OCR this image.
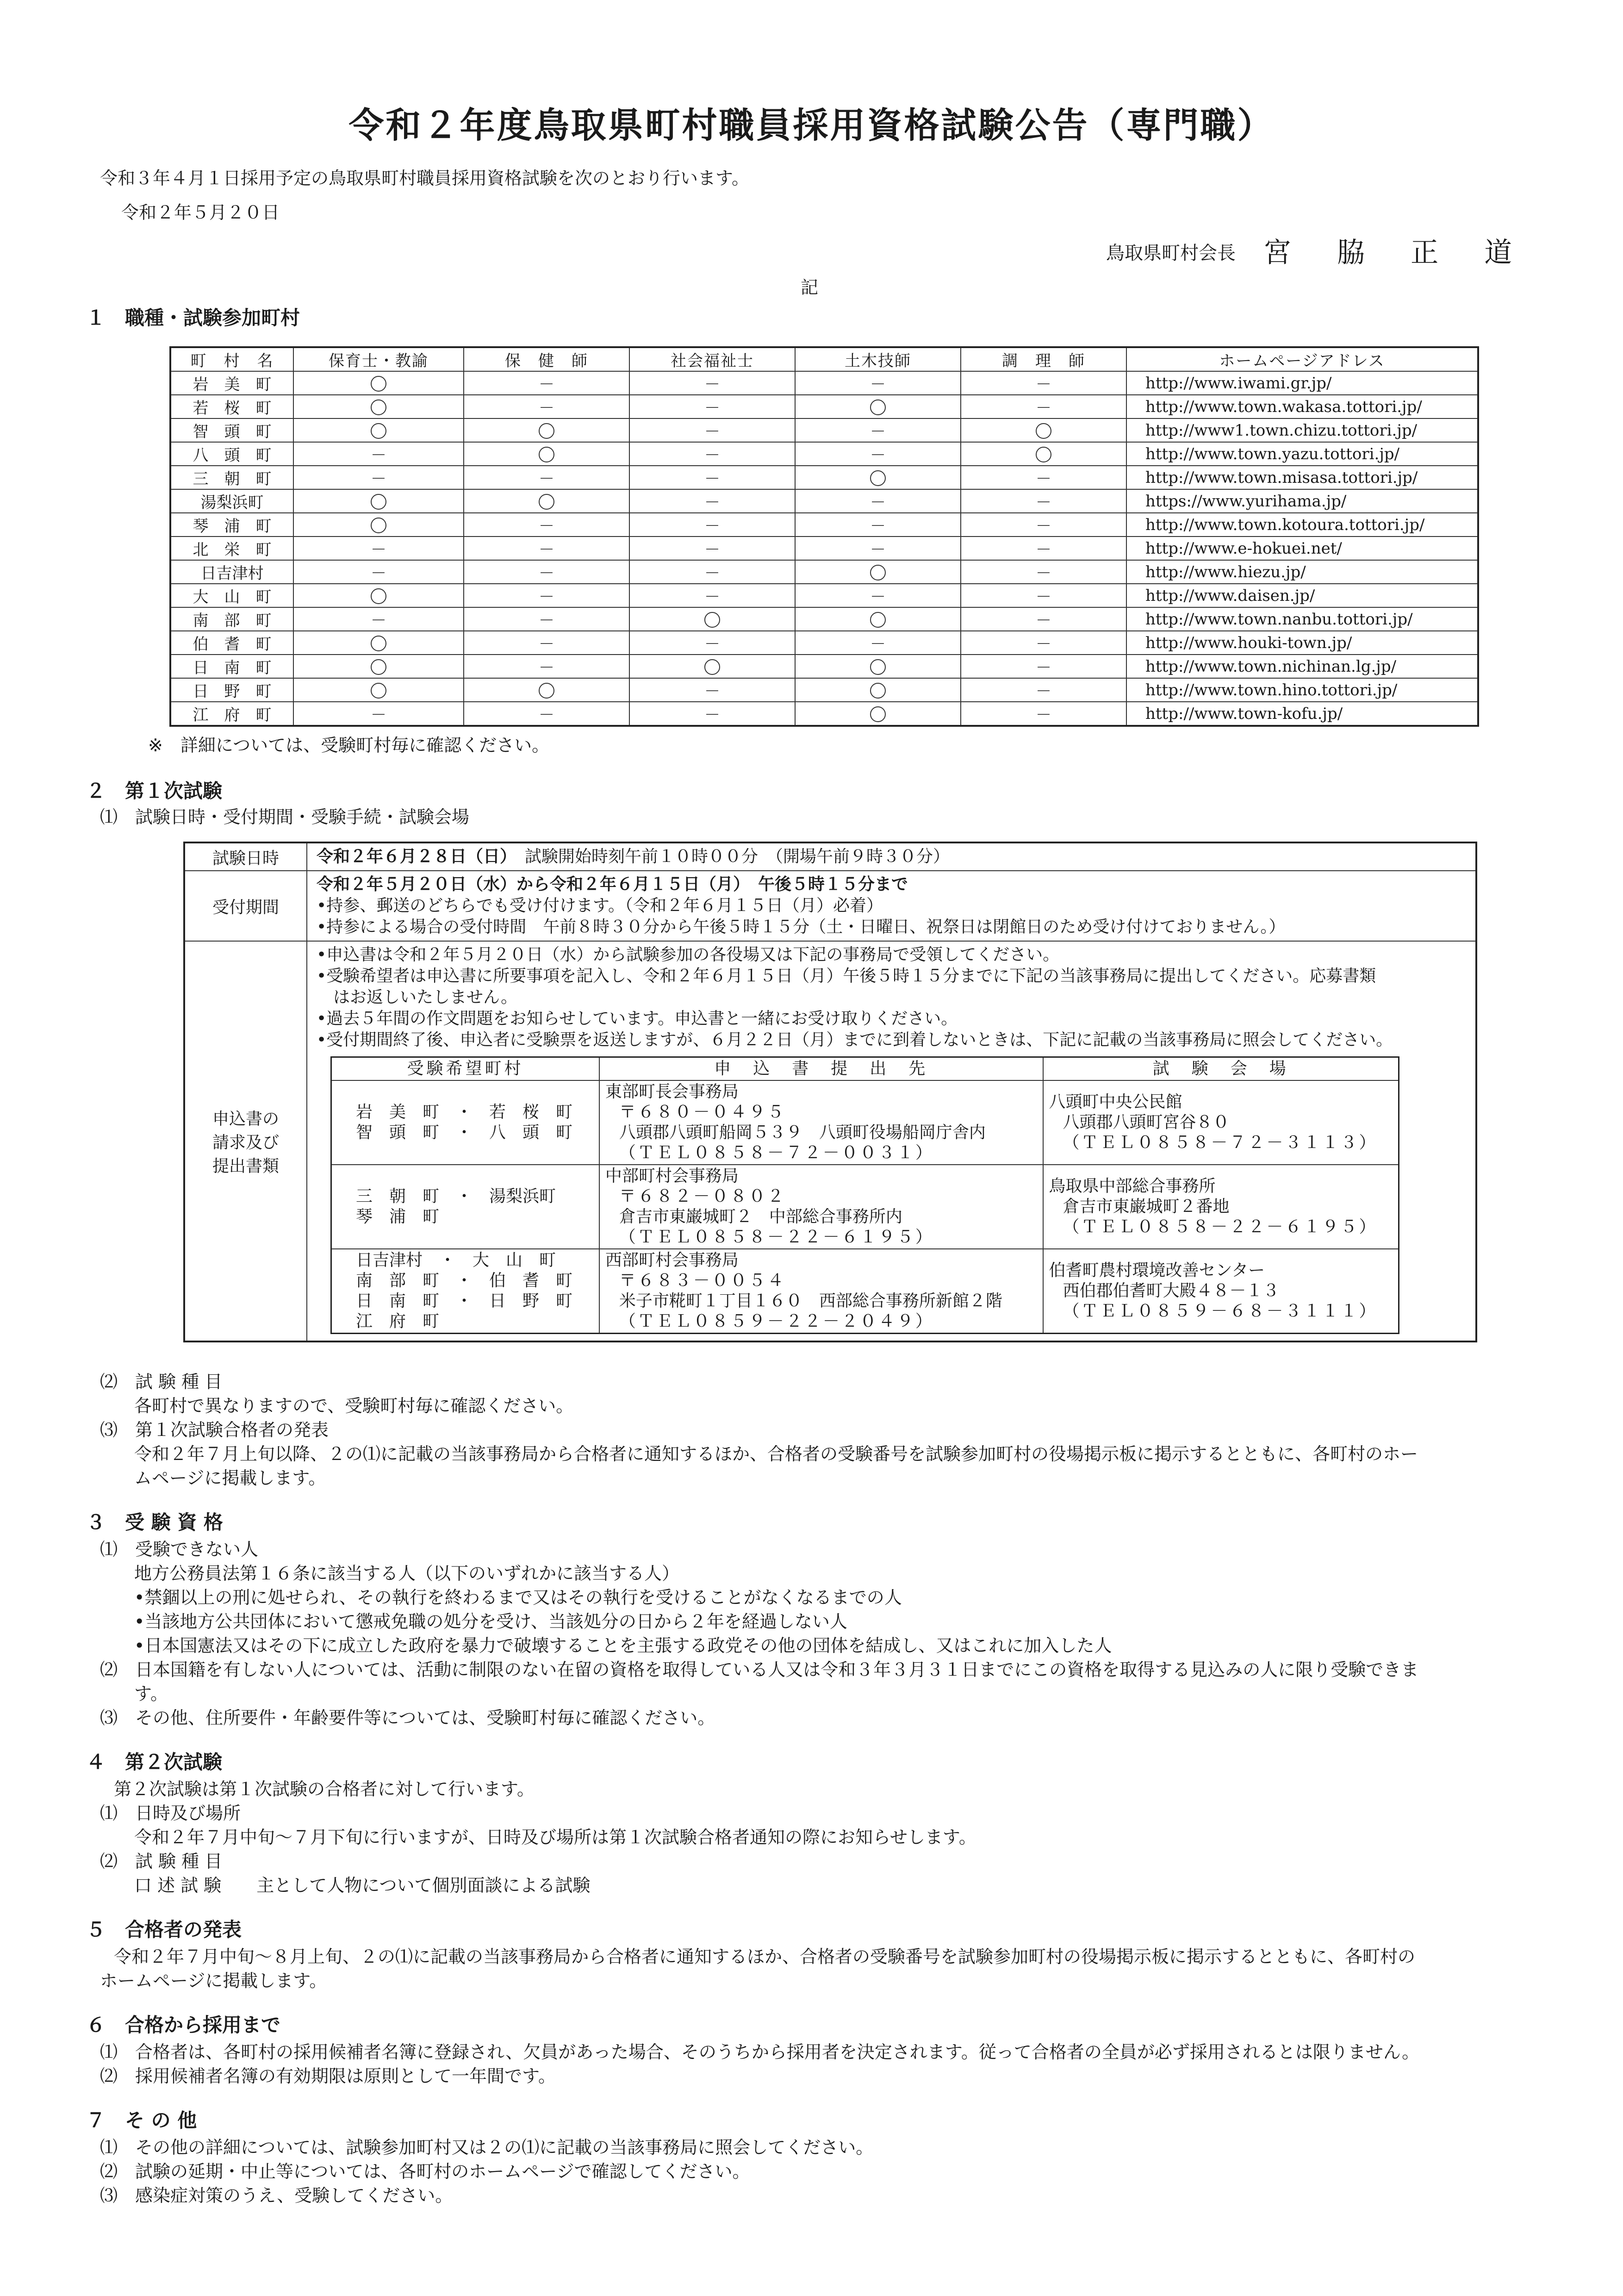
令和２年度鳥取県町村職員採用資格試験公告（専門職）
令和３年４月１日採用予定の鳥取県町村職員採用資格試験を次のとおり行います。
令和２年５月２０日
鳥取県町村会長 宮 脇 正 道
記
１　職種・試験参加町村
町　村　名	保育士・教諭	保　健　師	社会福祉士	土木技師	調　理　師	ホームページアドレス
岩　美　町		－	－	－	－	http://www.iwami.gr.jp/
若　桜　町		－	－		－	http://www.town.wakasa.tottori.jp/
智　頭　町			－	－		http://www1.town.chizu.tottori.jp/
八　頭　町	－		－	－		http://www.town.yazu.tottori.jp/
三　朝　町	－	－	－		－	http://www.town.misasa.tottori.jp/
湯梨浜町			－	－	－	https://www.yurihama.jp/
琴　浦　町		－	－	－	－	http://www.town.kotoura.tottori.jp/
北　栄　町	－	－	－	－	－	http://www.e-hokuei.net/
日吉津村	－	－	－		－	http://www.hiezu.jp/
大　山　町		－	－	－	－	http://www.daisen.jp/
南　部　町	－	－			－	http://www.town.nanbu.tottori.jp/
伯　耆　町		－	－	－	－	http://www.houki-town.jp/
日　南　町		－			－	http://www.town.nichinan.lg.jp/
日　野　町			－		－	http://www.town.hino.tottori.jp/
江　府　町	－	－	－		－	http://www.town-kofu.jp/
※　詳細については、受験町村毎に確認ください。
２　第１次試験
⑴　試験日時・受付期間・受験手続・試験会場
試験日時	令和２年６月２８日（日）　 試験開始時刻午前１０時００分　（開場午前９時３０分）
受付期間	
令和２年５月２０日（水）から令和２年６月１５日（月）　午後５時１５分まで
•持参、郵送のどちらでも受け付けます。（令和２年６月１５日（月）必着）
•持参による場合の受付時間　午前８時３０分から午後５時１５分（土・日曜日、祝祭日は閉館日のため受け付けておりません。）

申込書の
請求及び
提出書類

•申込書は令和２年５月２０日（水）から試験参加の各役場又は下記の事務局で受領してください。
•受験希望者は申込書に所要事項を記入し、令和２年６月１５日（月）午後５時１５分までに下記の当該事務局に提出してください。応募書類
　はお返しいたしません。
•過去５年間の作文問題をお知らせしています。申込書と一緒にお受け取りください。
•受付期間終了後、申込者に受験票を返送しますが、６月２２日（月）までに到着しないときは、下記に記載の当該事務局に照会してください。
受験希望町村	申　込　書　提　出　先	試　験　会　場

岩　美　町　・　若　桜　町
智　頭　町　・　八　頭　町

東部町長会事務局
〒６８０－０４９５
八頭郡八頭町船岡５３９　八頭町役場船岡庁舎内
（ＴＥＬ０８５８－７２－００３１）

八頭町中央公民館
八頭郡八頭町宮谷８０
（ＴＥＬ０８５８－７２－３１１３）

三　朝　町　・　湯梨浜町
琴　浦　町

中部町村会事務局
〒６８２－０８０２
倉吉市東巌城町２　中部総合事務所内
（ＴＥＬ０８５８－２２－６１９５）

鳥取県中部総合事務所
倉吉市東巌城町２番地
（ＴＥＬ０８５８－２２－６１９５）

日吉津村　・　大　山　町
南　部　町　・　伯　耆　町
日　南　町　・　日　野　町
江　府　町

西部町村会事務局
〒６８３－００５４
米子市糀町１丁目１６０　西部総合事務所新館２階
（ＴＥＬ０８５９－２２－２０４９）

伯耆町農村環境改善センター
西伯郡伯耆町大殿４８－１３
（ＴＥＬ０８５９－６８－３１１１）
⑵　試 験 種 目
各町村で異なりますので、受験町村毎に確認ください。
⑶　第１次試験合格者の発表
令和２年７月上旬以降、２の⑴に記載の当該事務局から合格者に通知するほか、合格者の受験番号を試験参加町村の役場掲示板に掲示するとともに、各町村のホー
ムページに掲載します。
３　受 験 資 格
⑴　受験できない人
地方公務員法第１６条に該当する人（以下のいずれかに該当する人）
•禁錮以上の刑に処せられ、その執行を終わるまで又はその執行を受けることがなくなるまでの人
•当該地方公共団体において懲戒免職の処分を受け、当該処分の日から２年を経過しない人
•日本国憲法又はその下に成立した政府を暴力で破壊することを主張する政党その他の団体を結成し、又はこれに加入した人
⑵　日本国籍を有しない人については、活動に制限のない在留の資格を取得している人又は令和３年３月３１日までにこの資格を取得する見込みの人に限り受験できま
す。
⑶　その他、住所要件・年齢要件等については、受験町村毎に確認ください。
４　第２次試験
第２次試験は第１次試験の合格者に対して行います。
⑴　日時及び場所
令和２年７月中旬～７月下旬に行いますが、日時及び場所は第１次試験合格者通知の際にお知らせします。
⑵　試 験 種 目
口 述 試 験　　主として人物について個別面談による試験
５　合格者の発表
令和２年７月中旬～８月上旬、２の⑴に記載の当該事務局から合格者に通知するほか、合格者の受験番号を試験参加町村の役場掲示板に掲示するとともに、各町村の
ホームページに掲載します。
６　合格から採用まで
⑴　合格者は、各町村の採用候補者名簿に登録され、欠員があった場合、そのうちから採用者を決定されます。従って合格者の全員が必ず採用されるとは限りません。
⑵　採用候補者名簿の有効期限は原則として一年間です。
７　そ の 他
⑴　その他の詳細については、試験参加町村又は２の⑴に記載の当該事務局に照会してください。
⑵　試験の延期・中止等については、各町村のホームページで確認してください。
⑶　感染症対策のうえ、受験してください。
